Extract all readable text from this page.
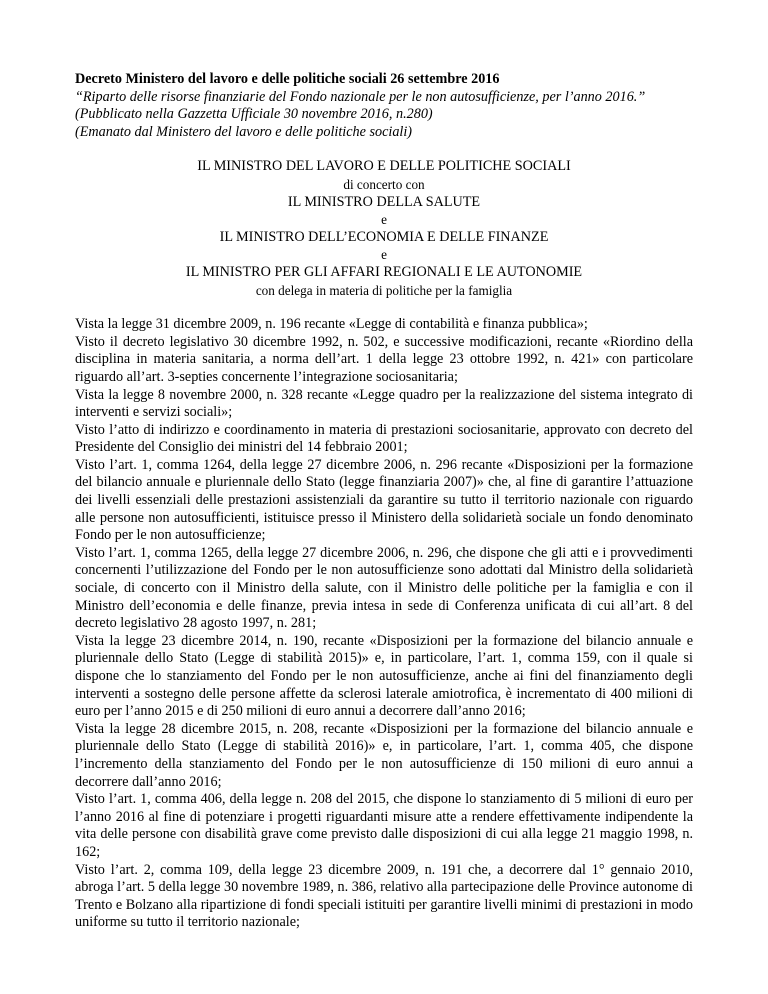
Decreto Ministero del lavoro e delle politiche sociali 26 settembre 2016

“Riparto delle risorse finanziarie del Fondo nazionale per le non autosufficienze, per l’anno 2016.”

(Pubblicato nella Gazzetta Ufficiale 30 novembre 2016, n.280)

(Emanato dal Ministero del lavoro e delle politiche sociali)

IL MINISTRO DEL LAVORO E DELLE POLITICHE SOCIALI

di concerto con

IL MINISTRO DELLA SALUTE

e

IL MINISTRO DELL’ECONOMIA E DELLE FINANZE

e

IL MINISTRO PER GLI AFFARI REGIONALI E LE AUTONOMIE

con delega in materia di politiche per la famiglia

Vista la legge 31 dicembre 2009, n. 196 recante «Legge di contabilità e finanza pubblica»;

Visto il decreto legislativo 30 dicembre 1992, n. 502, e successive modificazioni, recante «Riordino della disciplina in materia sanitaria, a norma dell’art. 1 della legge 23 ottobre 1992, n. 421» con particolare riguardo all’art. 3-septies concernente l’integrazione sociosanitaria;

Vista la legge 8 novembre 2000, n. 328 recante «Legge quadro per la realizzazione del sistema integrato di interventi e servizi sociali»;

Visto l’atto di indirizzo e coordinamento in materia di prestazioni sociosanitarie, approvato con decreto del Presidente del Consiglio dei ministri del 14 febbraio 2001;

Visto l’art. 1, comma 1264, della legge 27 dicembre 2006, n. 296 recante «Disposizioni per la formazione del bilancio annuale e pluriennale dello Stato (legge finanziaria 2007)» che, al fine di garantire l’attuazione dei livelli essenziali delle prestazioni assistenziali da garantire su tutto il territorio nazionale con riguardo alle persone non autosufficienti, istituisce presso il Ministero della solidarietà sociale un fondo denominato Fondo per le non autosufficienze;

Visto l’art. 1, comma 1265, della legge 27 dicembre 2006, n. 296, che dispone che gli atti e i provvedimenti concernenti l’utilizzazione del Fondo per le non autosufficienze sono adottati dal Ministro della solidarietà sociale, di concerto con il Ministro della salute, con il Ministro delle politiche per la famiglia e con il Ministro dell’economia e delle finanze, previa intesa in sede di Conferenza unificata di cui all’art. 8 del decreto legislativo 28 agosto 1997, n. 281;

Vista la legge 23 dicembre 2014, n. 190, recante «Disposizioni per la formazione del bilancio annuale e pluriennale dello Stato (Legge di stabilità 2015)» e, in particolare, l’art. 1, comma 159, con il quale si dispone che lo stanziamento del Fondo per le non autosufficienze, anche ai fini del finanziamento degli interventi a sostegno delle persone affette da sclerosi laterale amiotrofica, è incrementato di 400 milioni di euro per l’anno 2015 e di 250 milioni di euro annui a decorrere dall’anno 2016;

Vista la legge 28 dicembre 2015, n. 208, recante «Disposizioni per la formazione del bilancio annuale e pluriennale dello Stato (Legge di stabilità 2016)» e, in particolare, l’art. 1, comma 405, che dispone l’incremento della stanziamento del Fondo per le non autosufficienze di 150 milioni di euro annui a decorrere dall’anno 2016;

Visto l’art. 1, comma 406, della legge n. 208 del 2015, che dispone lo stanziamento di 5 milioni di euro per l’anno 2016 al fine di potenziare i progetti riguardanti misure atte a rendere effettivamente indipendente la vita delle persone con disabilità grave come previsto dalle disposizioni di cui alla legge 21 maggio 1998, n. 162;

Visto l’art. 2, comma 109, della legge 23 dicembre 2009, n. 191 che, a decorrere dal 1° gennaio 2010, abroga l’art. 5 della legge 30 novembre 1989, n. 386, relativo alla partecipazione delle Province autonome di Trento e Bolzano alla ripartizione di fondi speciali istituiti per garantire livelli minimi di prestazioni in modo uniforme su tutto il territorio nazionale;
